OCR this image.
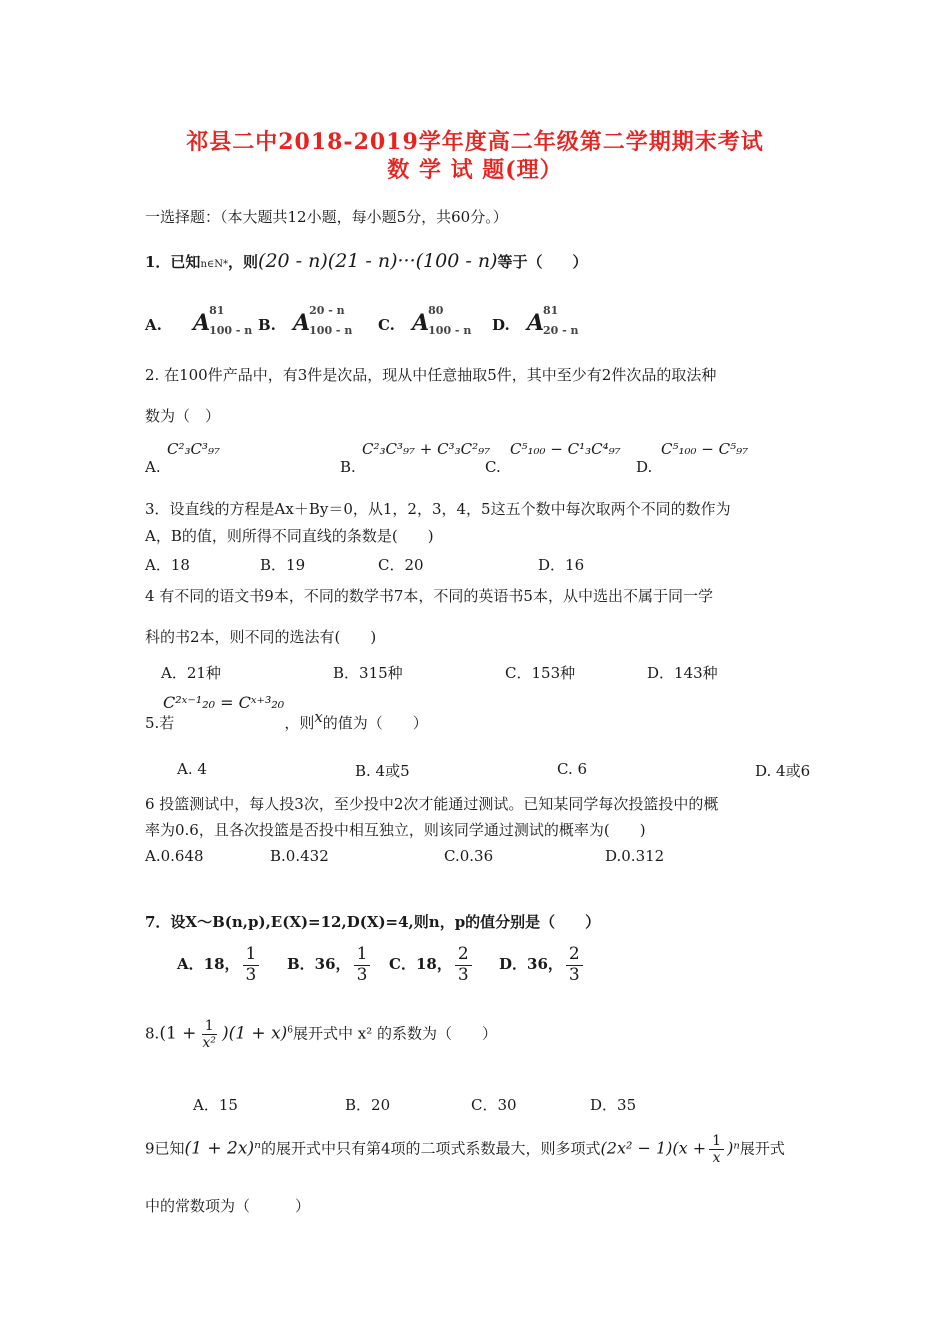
祁县二中2018-2019学年度高二年级第二学期期末考试
数 学 试 题(理）
一选择题：（本大题共12小题，每小题5分，共60分。）
1．已知n∈N*，则(20 - n)(21 - n)···(100 - n)等于（　　）
A. A
81
100 - n B. A
20 - n
100 - n C. A
80
100 - n D. A
81
20 - n
2. 在100件产品中，有3件是次品，现从中任意抽取5件，其中至少有2件次品的取法种
数为（　）
C²₃C³₉₇
A.
C²₃C³₉₇ + C³₃C²₉₇
B.
C⁵₁₀₀ − C¹₃C⁴₉₇
C.
C⁵₁₀₀ − C⁵₉₇
D.
3．设直线的方程是Ax＋By＝0，从1，2，3，4，5这五个数中每次取两个不同的数作为
A，B的值，则所得不同直线的条数是(　　)
A．18	B．19	C．20	D．16
4 有不同的语文书9本，不同的数学书7本，不同的英语书5本，从中选出不属于同一学
科的书2本，则不同的选法有(　　)
A．21种	B．315种	C．153种	D．143种
C²ˣ⁻¹₂₀ = Cˣ⁺³₂₀
5.若	，则x的值为（　　）
A. 4	B. 4或5	C. 6	D. 4或6
6 投篮测试中，每人投3次，至少投中2次才能通过测试。已知某同学每次投篮投中的概
率为0.6，且各次投篮是否投中相互独立，则该同学通过测试的概率为(　　)
A.0.648	B.0.432	C.0.36	D.0.312
7．设X～B(n,p),E(X)=12,D(X)=4,则n，p的值分别是（　　）
A．18， $\frac{1}{3}$ B．36， $\frac{1}{3}$ C．18， $\frac{2}{3}$ D．36， $\frac{2}{3}$
$8.(1 + \frac{1}{\text{x²}} )(1 + x)^6$展开式中 x² 的系数为（　　）
A．15	B．20	C．30	D．35
9已知(1 + 2x)ⁿ的展开式中只有第4项的二项式系数最大，则多项式$(2x^2 - 1)(x + \frac{1}{x} )^n$展开式
中的常数项为（　　　）
